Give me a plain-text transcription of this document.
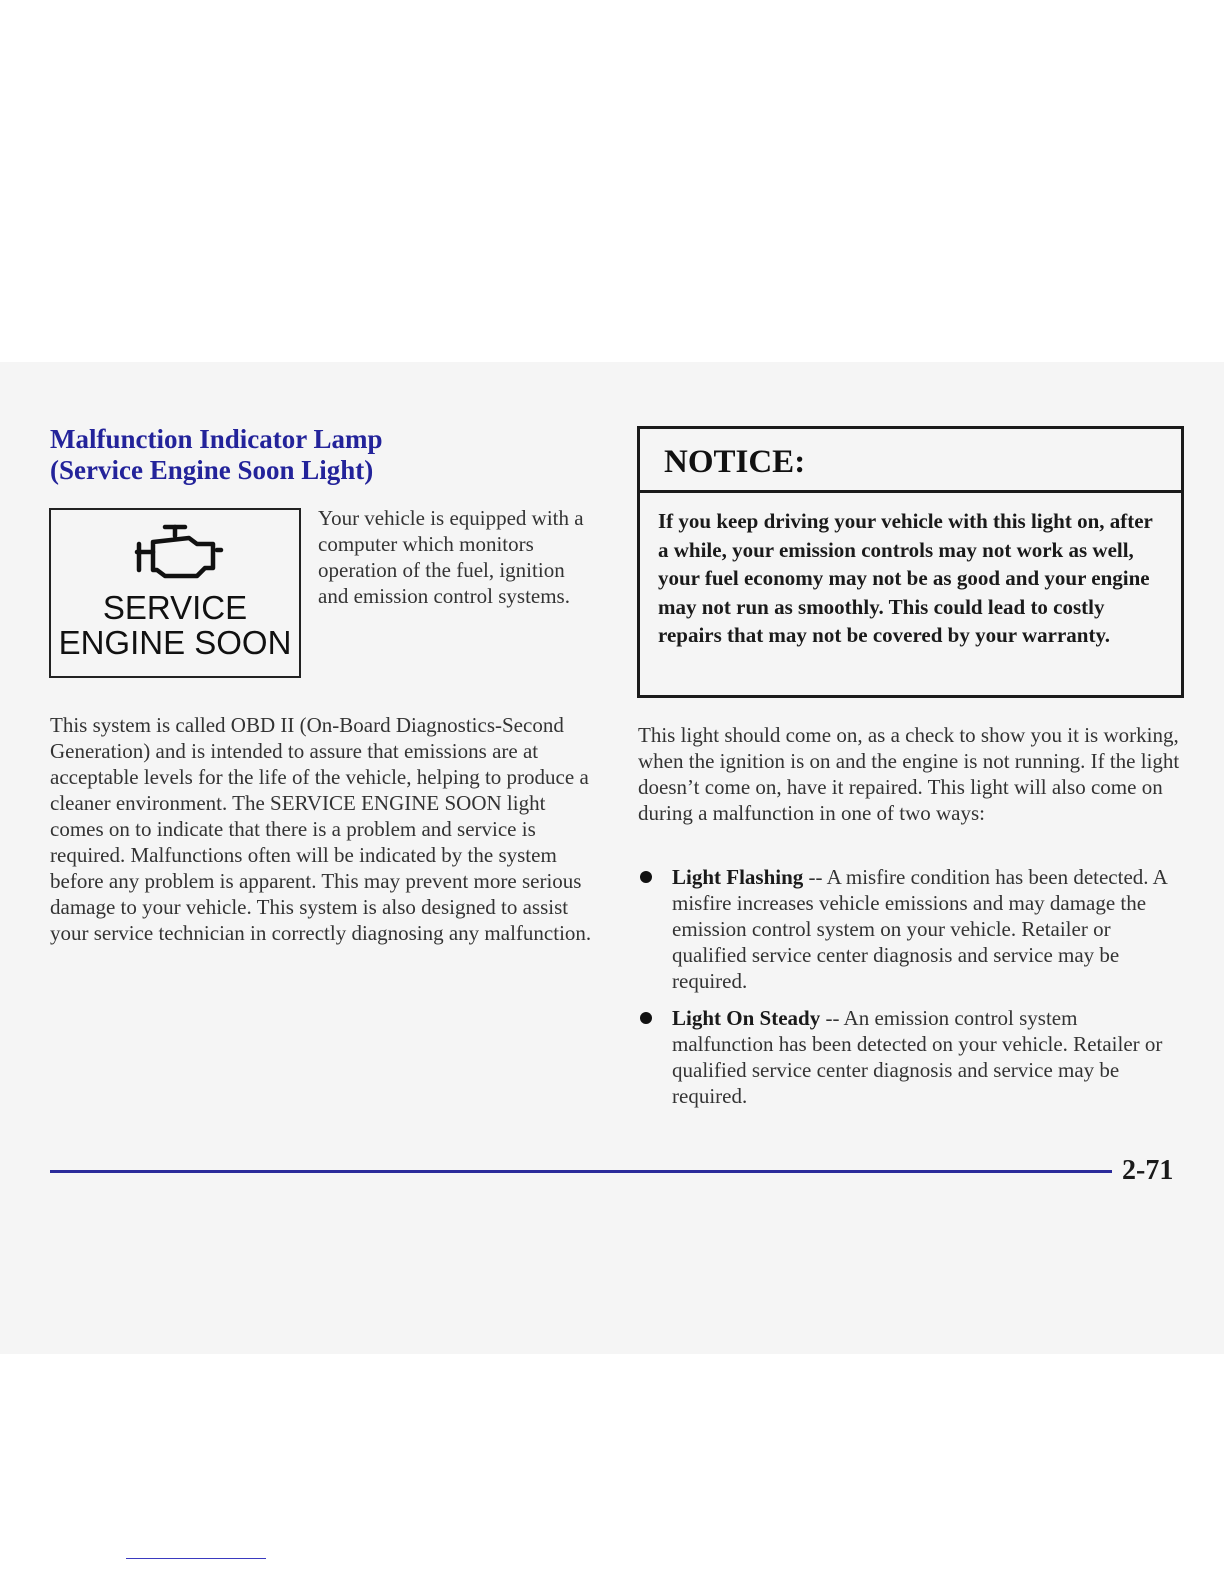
Malfunction Indicator Lamp
(Service Engine Soon Light)
SERVICE
ENGINE SOON

Your vehicle is equipped with a computer which monitors operation of the fuel, ignition and emission control systems.

This system is called OBD II (On-Board Diagnostics-Second Generation) and is intended to assure that emissions are at acceptable levels for the life of the vehicle, helping to produce a cleaner environment. The SERVICE ENGINE SOON light comes on to indicate that there is a problem and service is required. Malfunctions often will be indicated by the system before any problem is apparent. This may prevent more serious damage to your vehicle. This system is also designed to assist your service technician in correctly diagnosing any malfunction.

NOTICE:

If you keep driving your vehicle with this light on, after a while, your emission controls may not work as well, your fuel economy may not be as good and your engine may not run as smoothly. This could lead to costly repairs that may not be covered by your warranty.

This light should come on, as a check to show you it is working, when the ignition is on and the engine is not running. If the light doesn’t come on, have it repaired. This light will also come on during a malfunction in one of two ways:

Light Flashing -- A misfire condition has been detected. A misfire increases vehicle emissions and may damage the emission control system on your vehicle. Retailer or qualified service center diagnosis and service may be required.
Light On Steady -- An emission control system malfunction has been detected on your vehicle. Retailer or qualified service center diagnosis and service may be required.
2-71
